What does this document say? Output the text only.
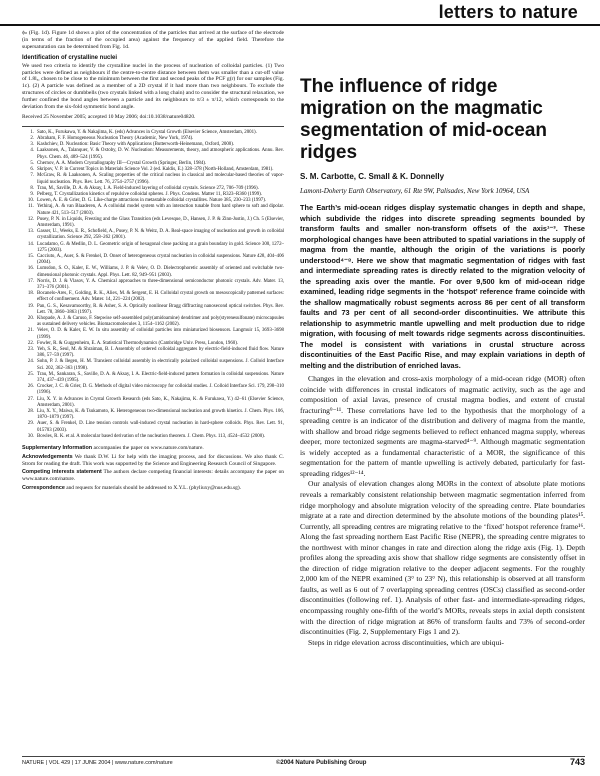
letters to nature

ϕₙ (Fig. 1d). Figure 1d shows a plot of the concentration of the particles that arrived at the surface of the electrode (in terms of the fraction of the occupied area) against the frequency of the applied field. Therefore the supersaturation can be determined from Fig. 1d.

Identification of crystalline nuclei

We used two criteria to identify the crystalline nuclei in the process of nucleation of colloidal particles. (1) Two particles were defined as neighbours if the centre-to-centre distance between them was smaller than a cut-off value of 1.8lₐ, chosen to be close to the minimum between the first and second peaks of the PCF g(r) for our samples (Fig. 1c). (2) A particle was defined as a member of a 2D crystal if it had more than two neighbours. To exclude the structures of circles or dumbbells (two crystals linked with a long chain) and to consider the structural relaxation, we further confined the bond angles between a particle and its neighbours to π/3 ± π/12, which corresponds to the deviation from the six-fold symmetric bond angle.

Received 25 November 2005; accepted 10 May 2006; doi:10.1038/nature04820.

1. Sato, K., Furukawa, Y. & Nakajima, K. (eds) Advances in Crystal Growth (Elsevier Science, Amsterdam, 2001).
2. Abraham, F. F. Homogeneous Nucleation Theory (Academic, New York, 1974).
3. Kashchiev, D. Nucleation: Basic Theory with Applications (Butterworth-Heinemann, Oxford, 2000).
4. Laaksonen, A., Talanquer, V. & Oxtoby, D. W. Nucleation: Measurements, theory, and atmospheric applications. Annu. Rev. Phys. Chem. 46, 489–524 (1995).
5. Chernov, A. A. Modern Crystallography III—Crystal Growth (Springer, Berlin, 1984).
6. Skripov, V. P. in Current Topics in Materials Science Vol. 2 (ed. Kaldis, E.) 328–378 (North-Holland, Amsterdam, 1981).
7. McGraw, R. & Laaksonen, A. Scaling properties of the critical nucleus in classical and molecular-based theories of vapor-liquid nucleation. Phys. Rev. Lett. 76, 2754–2757 (1996).
8. Trau, M., Saville, D. A. & Aksay, I. A. Field-induced layering of colloidal crystals. Science 272, 706–709 (1996).
9. Pelberg, T. Crystallization kinetics of repulsive colloidal spheres. J. Phys. Condens. Matter 11, R323–R360 (1999).
10. Lowen, A. E. & Grier, D. G. Like-charge attractions in metastable colloidal crystallites. Nature 385, 230–233 (1997).
11. Yethiraj, A. & van Blaaderen, A. A colloidal model system with an interaction tunable from hard sphere to soft and dipolar. Nature 421, 513–517 (2003).
12. Pusey, P. N. in Liquids, Freezing and the Glass Transition (eds Levesque, D., Hansen, J. P. & Zinn-Justin, J.) Ch. 5 (Elsevier, Amsterdam, 1991).
13. Gasser, U., Weeks, E. R., Schofield, A., Pusey, P. N. & Weitz, D. A. Real-space imaging of nucleation and growth in colloidal crystallization. Science 292, 258–262 (2001).
14. Lucadamo, G. & Medlin, D. L. Geometric origin of hexagonal close packing at a grain boundary in gold. Science 300, 1272–1275 (2003).
15. Cacciuto, A., Auer, S. & Frenkel, D. Onset of heterogeneous crystal nucleation in colloidal suspensions. Nature 428, 404–406 (2004).
16. Lumsdon, S. O., Kaler, E. W., Williams, J. P. & Velev, O. D. Dielectrophoretic assembly of oriented and switchable two-dimensional photonic crystals. Appl. Phys. Lett. 82, 949–951 (2003).
17. Norris, D. J. & Vlasov, Y. A. Chemical approaches to three-dimensional semiconductor photonic crystals. Adv. Mater. 13, 371–376 (2001).
18. Bocanelo-Ares, F., Golding, R. K., Aliex, M. & Sergent, E. H. Colloidal crystal growth on mesoscopically patterned surfaces: effect of confinement. Adv. Mater. 14, 221–224 (2002).
19. Pan, G. S., Kesavamoorthy, R. & Asher, S. A. Optically nonlinear Bragg diffracting nanosecond optical switches. Phys. Rev. Lett. 78, 3860–3863 (1997).
20. Khopade, A. J. & Caruso, F. Stepwise self-assembled poly(amidoamine) dendrimer and poly(styrenesulfonate) microcapsules as sustained delivery vehicles. Biomacromolecules 3, 1154–1162 (2002).
21. Velev, O. D. & Kaler, E. W. In situ assembly of colloidal particles into miniaturized biosensors. Langmuir 15, 3693–3698 (1999).
22. Fowler, R. & Guggenheim, E. A. Statistical Thermodynamics (Cambridge Univ. Press, London, 1960).
23. Yeh, S. R., Seul, M. & Shraiman, B. I. Assembly of ordered colloidal aggregates by electric-field-induced fluid flow. Nature 386, 57–59 (1997).
24. Sohn, P. J. & Ilegen, H. M. Transient colloidal assembly in electrically polarized colloidal suspensions. J. Colloid Interface Sci. 202, 362–363 (1998).
25. Trau, M., Sankaran, S., Saville, D. A. & Aksay, I. A. Electric-field-induced pattern formation in colloidal suspensions. Nature 374, 437–439 (1995).
26. Crocker, J. C. & Grier, D. G. Methods of digital video microscopy for colloidal studies. J. Colloid Interface Sci. 179, 298–310 (1996).
27. Liu, X. Y. in Advances in Crystal Growth Research (eds Sato, K., Nakajima, K. & Furukawa, Y.) 42–61 (Elsevier Science, Amsterdam, 2001).
28. Liu, X. Y., Maiwa, K. & Tsukamoto, K. Heterogeneous two-dimensional nucleation and growth kinetics. J. Chem. Phys. 106, 1870–1879 (1997).
29. Auer, S. & Frenkel, D. Line tension controls wall-induced crystal nucleation in hard-sphere colloids. Phys. Rev. Lett. 91, 015703 (2003).
30. Bowles, R. K. et al. A molecular based derivation of the nucleation theorem. J. Chem. Phys. 113, 4524–4532 (2000).

Supplementary Information accompanies the paper on www.nature.com/nature.

Acknowledgements We thank D.W. Li for help with the imaging process, and for discussions. We also thank C. Strom for reading the draft. This work was supported by the Science and Engineering Research Council of Singapore.

Competing interests statement The authors declare competing financial interests: details accompany the paper on www.nature.com/nature.

Correspondence and requests for materials should be addressed to X.Y.L. (phyliuxy@nus.edu.sg).

The influence of ridge migration on the magmatic segmentation of mid-ocean ridges
S. M. Carbotte, C. Small & K. Donnelly
Lamont-Doherty Earth Observatory, 61 Rte 9W, Palisades, New York 10964, USA

The Earth’s mid-ocean ridges display systematic changes in depth and shape, which subdivide the ridges into discrete spreading segments bounded by transform faults and smaller non-transform offsets of the axis¹⁻³. These morphological changes have been attributed to spatial variations in the supply of magma from the mantle, although the origin of the variations is poorly understood⁴⁻⁸. Here we show that magmatic segmentation of ridges with fast and intermediate spreading rates is directly related to the migration velocity of the spreading axis over the mantle. For over 9,500 km of mid-ocean ridge examined, leading ridge segments in the ‘hotspot’ reference frame coincide with the shallow magmatically robust segments across 86 per cent of all transform faults and 73 per cent of all second-order discontinuities. We attribute this relationship to asymmetric mantle upwelling and melt production due to ridge migration, with focusing of melt towards ridge segments across discontinuities. The model is consistent with variations in crustal structure across discontinuities of the East Pacific Rise, and may explain variations in depth of melting and the distribution of enriched lavas.

Changes in the elevation and cross-axis morphology of a mid-ocean ridge (MOR) often coincide with differences in crustal indicators of magmatic activity, such as the age and composition of axial lavas, presence of crustal magma bodies, and extent of crustal fracturing⁹⁻¹¹. These correlations have led to the hypothesis that the morphology of a spreading centre is an indicator of the distribution and delivery of magma from the mantle, with shallow and broad ridge segments believed to reflect enhanced magma supply, whereas deeper, more tectonized segments are magma-starved⁴⁻⁹. Although magmatic segmentation is widely accepted as a fundamental characteristic of a MOR, the significance of this segmentation for the pattern of mantle upwelling is actively debated, particularly for fast-spreading ridges¹²⁻¹⁴.

Our analysis of elevation changes along MORs in the context of absolute plate motions reveals a remarkably consistent relationship between magmatic segmentation inferred from ridge morphology and absolute migration velocity of the spreading centre. Plate boundaries migrate at a rate and direction determined by the absolute motions of the bounding plates¹⁵. Currently, all spreading centres are migrating relative to the ‘fixed’ hotspot reference frame¹⁶. Along the fast spreading northern East Pacific Rise (NEPR), the spreading centre migrates to the northwest with minor changes in rate and direction along the ridge axis (Fig. 1). Depth profiles along the spreading axis show that shallow ridge segments are consistently offset in the direction of ridge migration relative to the deeper adjacent segments. For the roughly 2,000 km of the NEPR examined (3° to 23° N), this relationship is observed at all transform faults, as well as 6 out of 7 overlapping spreading centres (OSCs) classified as second-order discontinuities (following ref. 1). Analysis of other fast- and intermediate-spreading ridges, encompassing roughly one-fifth of the world’s MORs, reveals steps in axial depth consistent with the direction of ridge migration at 86% of transform faults and 73% of second-order discontinuities (Fig. 2, Supplementary Figs 1 and 2).

Steps in ridge elevation across discontinuities, which are ubiqui-

NATURE | VOL 429 | 17 JUNE 2004 | www.nature.com/nature	©2004 Nature Publishing Group	743
